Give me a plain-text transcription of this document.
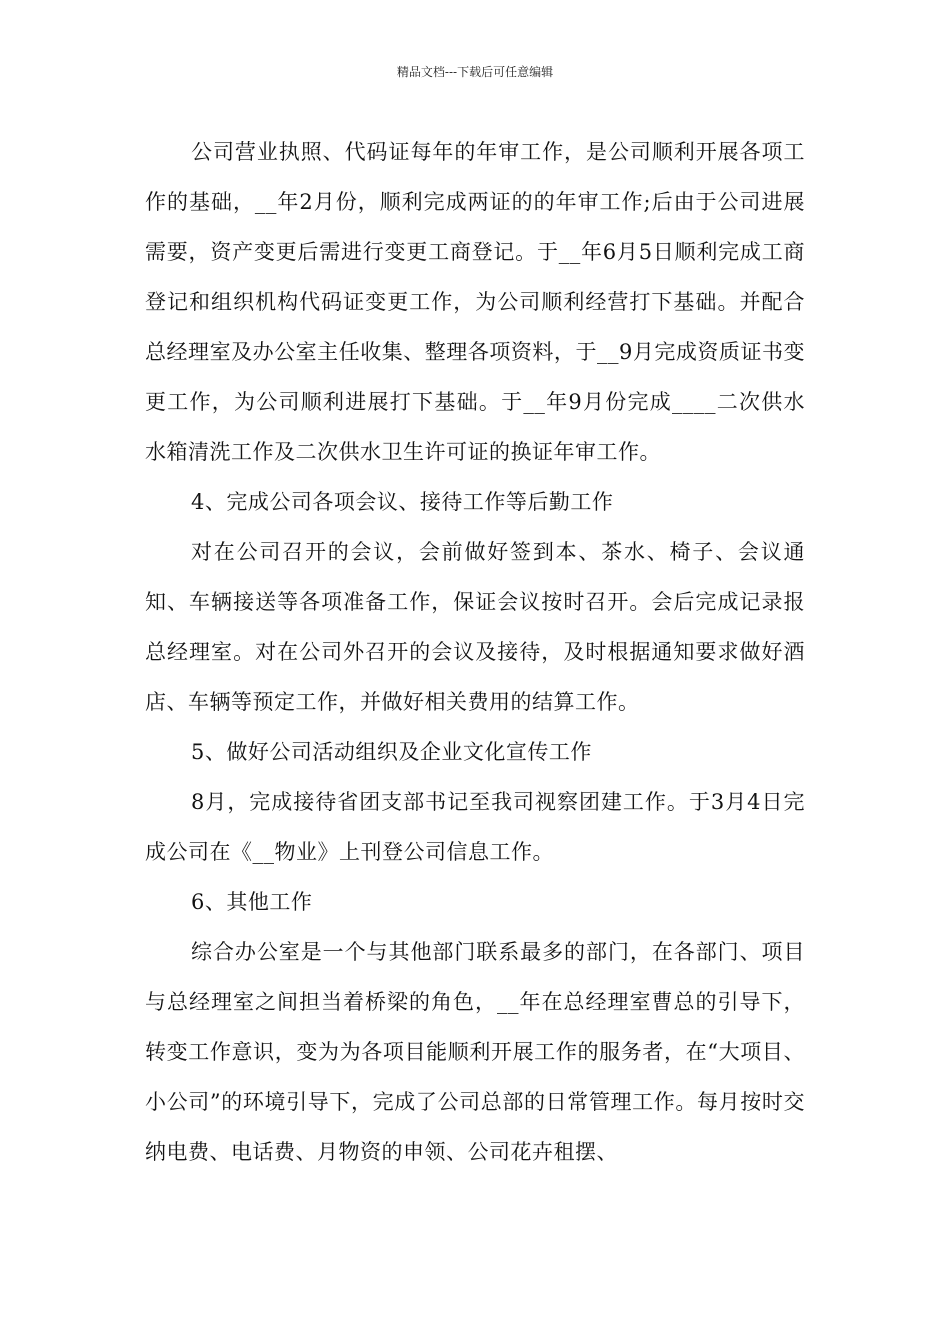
精品文档---下载后可任意编辑

公司营业执照、代码证每年的年审工作，是公司顺利开展各项工作的基础，__年2月份，顺利完成两证的的年审工作;后由于公司进展需要，资产变更后需进行变更工商登记。于__年6月5日顺利完成工商登记和组织机构代码证变更工作，为公司顺利经营打下基础。并配合总经理室及办公室主任收集、整理各项资料，于__9月完成资质证书变更工作，为公司顺利进展打下基础。于__年9月份完成____二次供水水箱清洗工作及二次供水卫生许可证的换证年审工作。

4、完成公司各项会议、接待工作等后勤工作

对在公司召开的会议，会前做好签到本、茶水、椅子、会议通知、车辆接送等各项准备工作，保证会议按时召开。会后完成记录报总经理室。对在公司外召开的会议及接待，及时根据通知要求做好酒店、车辆等预定工作，并做好相关费用的结算工作。

5、做好公司活动组织及企业文化宣传工作

8月，完成接待省团支部书记至我司视察团建工作。于3月4日完成公司在《__物业》上刊登公司信息工作。

6、其他工作

综合办公室是一个与其他部门联系最多的部门，在各部门、项目与总经理室之间担当着桥梁的角色，__年在总经理室曹总的引导下，转变工作意识，变为为各项目能顺利开展工作的服务者，在“大项目、小公司”的环境引导下，完成了公司总部的日常管理工作。每月按时交纳电费、电话费、月物资的申领、公司花卉租摆、
